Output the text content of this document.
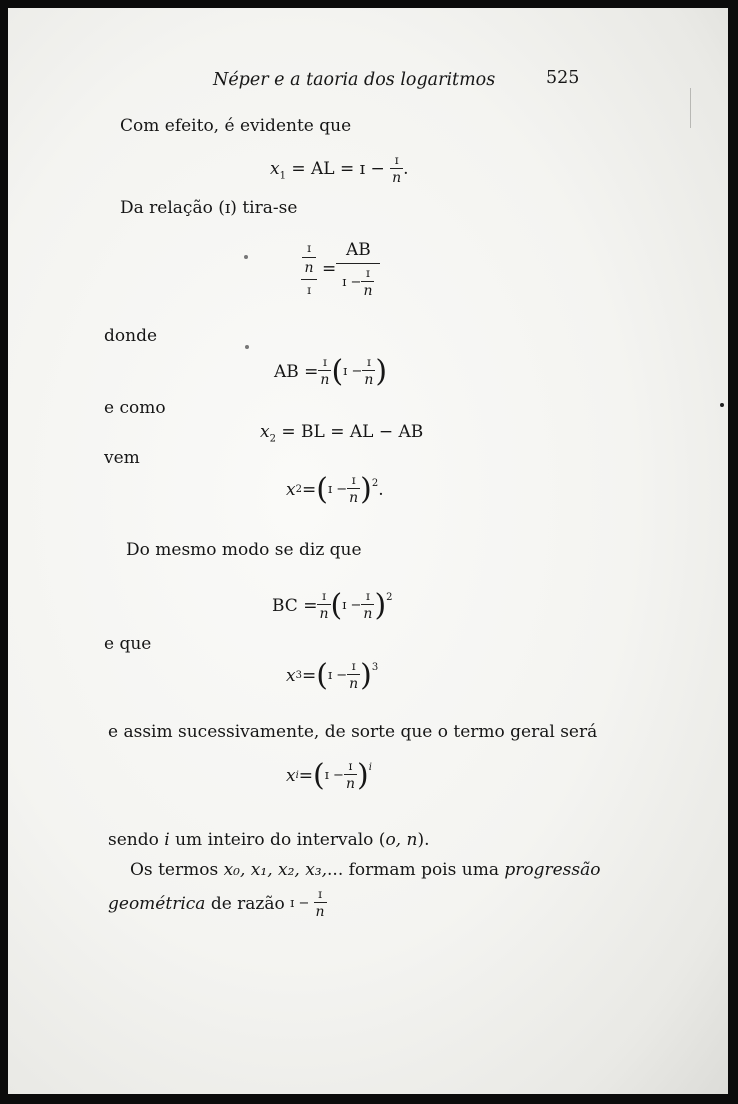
Néper e a taoria dos logaritmos	525
Com efeito, é evidente que
$x_1$ = AL = ɪ − $\frac{\text{ɪ}}{n}$ .
Da relação (ɪ) tira-se
ɪ
n
ɪ
= $\frac{AB}{ɪ - \frac{\text{ɪ}}{n}}$
donde
AB = $\frac{\text{ɪ}}{n}$ ( ɪ − $\frac{\text{ɪ}}{n}$ )
e como
$x_2$ = BL = AL − AB
vem
x 2 = ( ɪ − $\frac{\text{ɪ}}{n} )^2$ .
Do mesmo modo se diz que
BC = $\frac{\text{ɪ}}{n}$ ( ɪ − $\frac{\text{ɪ}}{n} )^2$
e que
x 3 = ( ɪ − $\frac{\text{ɪ}}{n} )^3$
e assim sucessivamente, de sorte que o termo geral será
x i = ( ɪ − $\frac{\text{ɪ}}{n} )^i$
sendo i um inteiro do intervalo (o, n).
Os termos x₀, x₁, x₂, x₃,... formam pois uma progressão
geométrica de razão ɪ − $\frac{\text{ɪ}}{n}$
